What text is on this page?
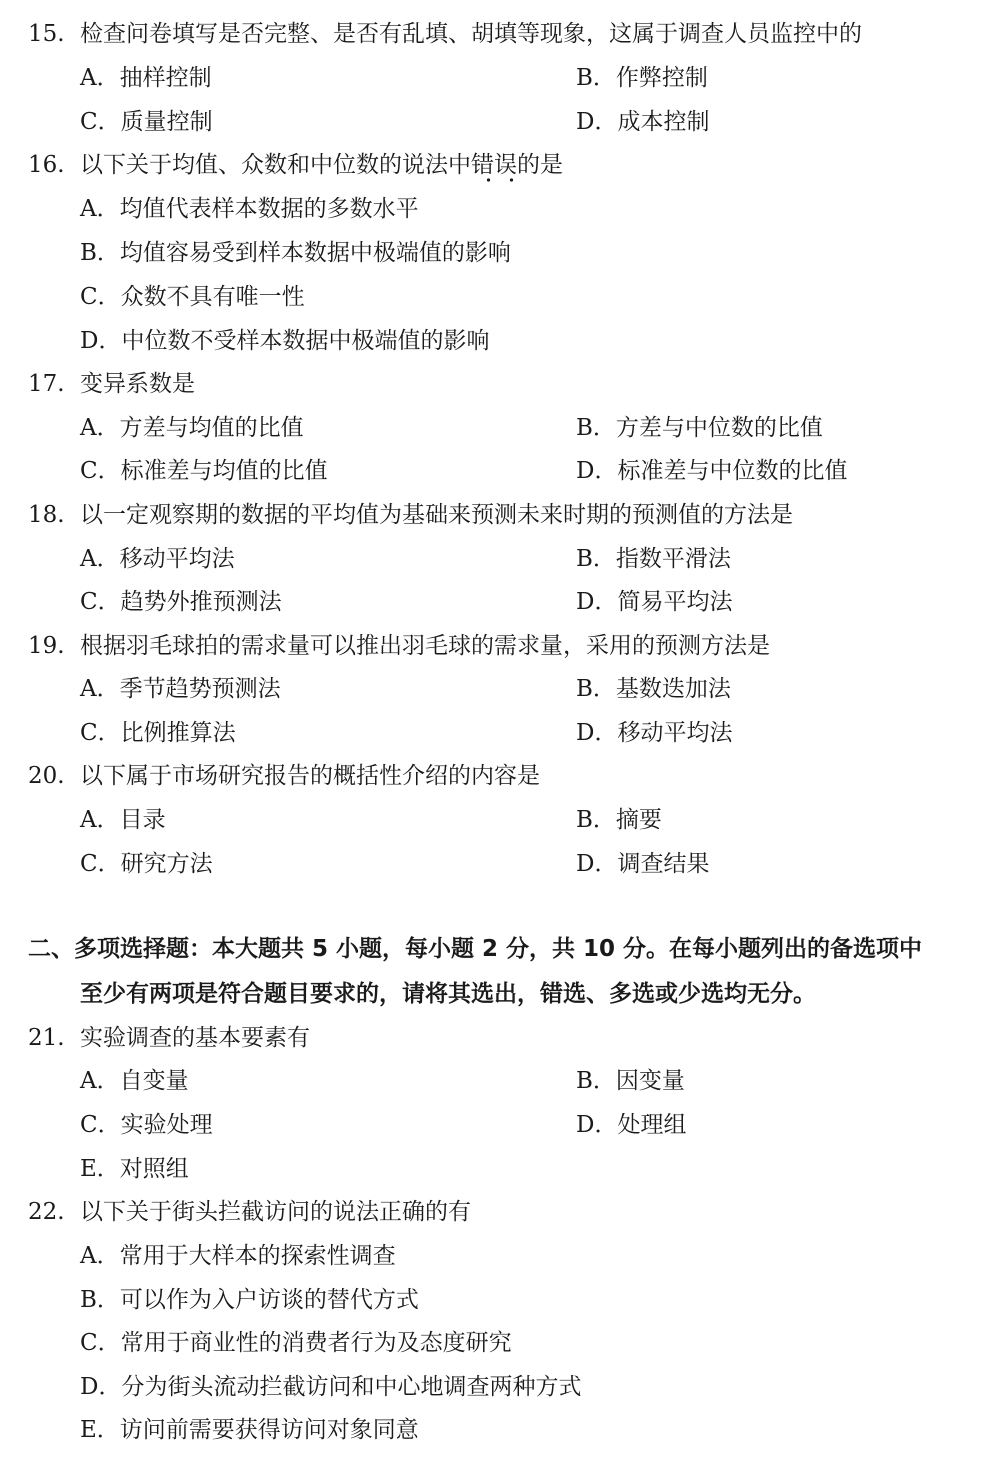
15. 检查问卷填写是否完整、是否有乱填、胡填等现象，这属于调查人员监控中的
A．抽样控制	B．作弊控制
C．质量控制	D．成本控制
16. 以下关于均值、众数和中位数的说法中错误的是
A．均值代表样本数据的多数水平
B．均值容易受到样本数据中极端值的影响
C．众数不具有唯一性
D．中位数不受样本数据中极端值的影响
17. 变异系数是
A．方差与均值的比值	B．方差与中位数的比值
C．标准差与均值的比值	D．标准差与中位数的比值
18. 以一定观察期的数据的平均值为基础来预测未来时期的预测值的方法是
A．移动平均法	B．指数平滑法
C．趋势外推预测法	D．简易平均法
19. 根据羽毛球拍的需求量可以推出羽毛球的需求量，采用的预测方法是
A．季节趋势预测法	B．基数迭加法
C．比例推算法	D．移动平均法
20. 以下属于市场研究报告的概括性介绍的内容是
A．目录	B．摘要
C．研究方法	D．调查结果
二、多项选择题：本大题共 5 小题，每小题 2 分，共 10 分。在每小题列出的备选项中
至少有两项是符合题目要求的，请将其选出，错选、多选或少选均无分。
21. 实验调查的基本要素有
A．自变量	B．因变量
C．实验处理	D．处理组
E．对照组
22. 以下关于街头拦截访问的说法正确的有
A．常用于大样本的探索性调查
B．可以作为入户访谈的替代方式
C．常用于商业性的消费者行为及态度研究
D．分为街头流动拦截访问和中心地调查两种方式
E．访问前需要获得访问对象同意
